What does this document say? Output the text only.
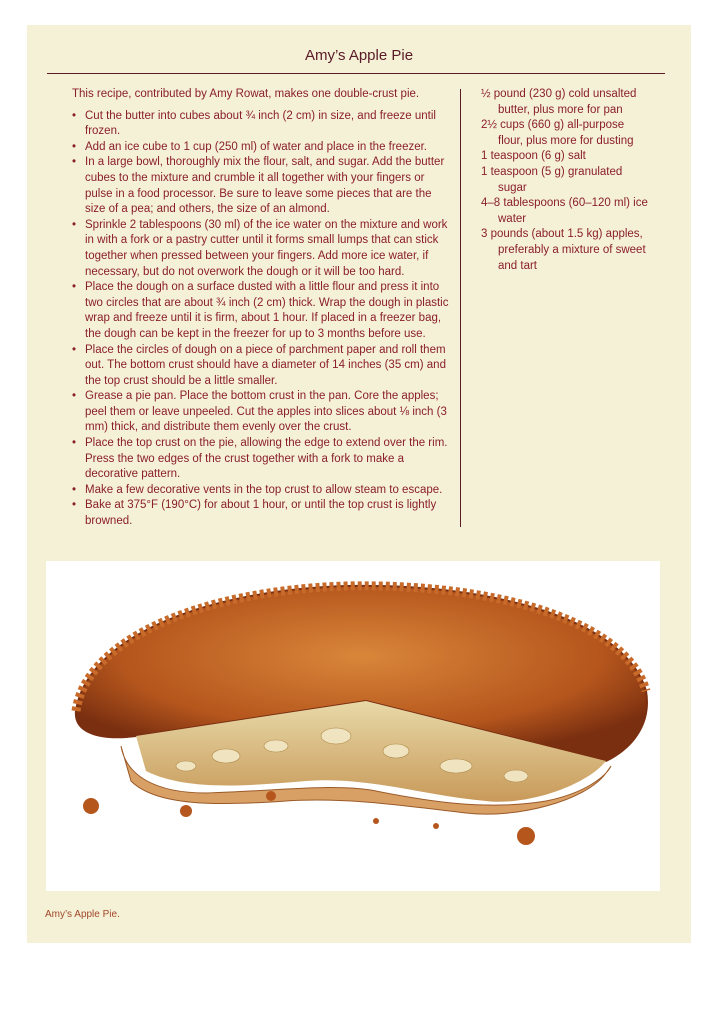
Amy’s Apple Pie

This recipe, contributed by Amy Rowat, makes one double-crust pie.

• Cut the butter into cubes about ¾ inch (2 cm) in size, and freeze until frozen.
• Add an ice cube to 1 cup (250 ml) of water and place in the freezer.
• In a large bowl, thoroughly mix the flour, salt, and sugar. Add the butter cubes to the mixture and crumble it all together with your fingers or pulse in a food processor. Be sure to leave some pieces that are the size of a pea; and others, the size of an almond.
• Sprinkle 2 tablespoons (30 ml) of the ice water on the mixture and work in with a fork or a pastry cutter until it forms small lumps that can stick together when pressed between your fingers. Add more ice water, if necessary, but do not overwork the dough or it will be too hard.
• Place the dough on a surface dusted with a little flour and press it into two circles that are about ¾ inch (2 cm) thick. Wrap the dough in plastic wrap and freeze until it is firm, about 1 hour. If placed in a freezer bag, the dough can be kept in the freezer for up to 3 months before use.
• Place the circles of dough on a piece of parchment paper and roll them out. The bottom crust should have a diameter of 14 inches (35 cm) and the top crust should be a little smaller.
• Grease a pie pan. Place the bottom crust in the pan. Core the apples; peel them or leave unpeeled. Cut the apples into slices about ⅛ inch (3 mm) thick, and distribute them evenly over the crust.
• Place the top crust on the pie, allowing the edge to extend over the rim. Press the two edges of the crust together with a fork to make a decorative pattern.
• Make a few decorative vents in the top crust to allow steam to escape.
• Bake at 375°F (190°C) for about 1 hour, or until the top crust is lightly browned.
½ pound (230 g) cold unsalted butter, plus more for pan
2½ cups (660 g) all-purpose flour, plus more for dusting
1 teaspoon (6 g) salt
1 teaspoon (5 g) granulated sugar
4–8 tablespoons (60–120 ml) ice water
3 pounds (about 1.5 kg) apples, preferably a mixture of sweet and tart
Amy’s Apple Pie.
